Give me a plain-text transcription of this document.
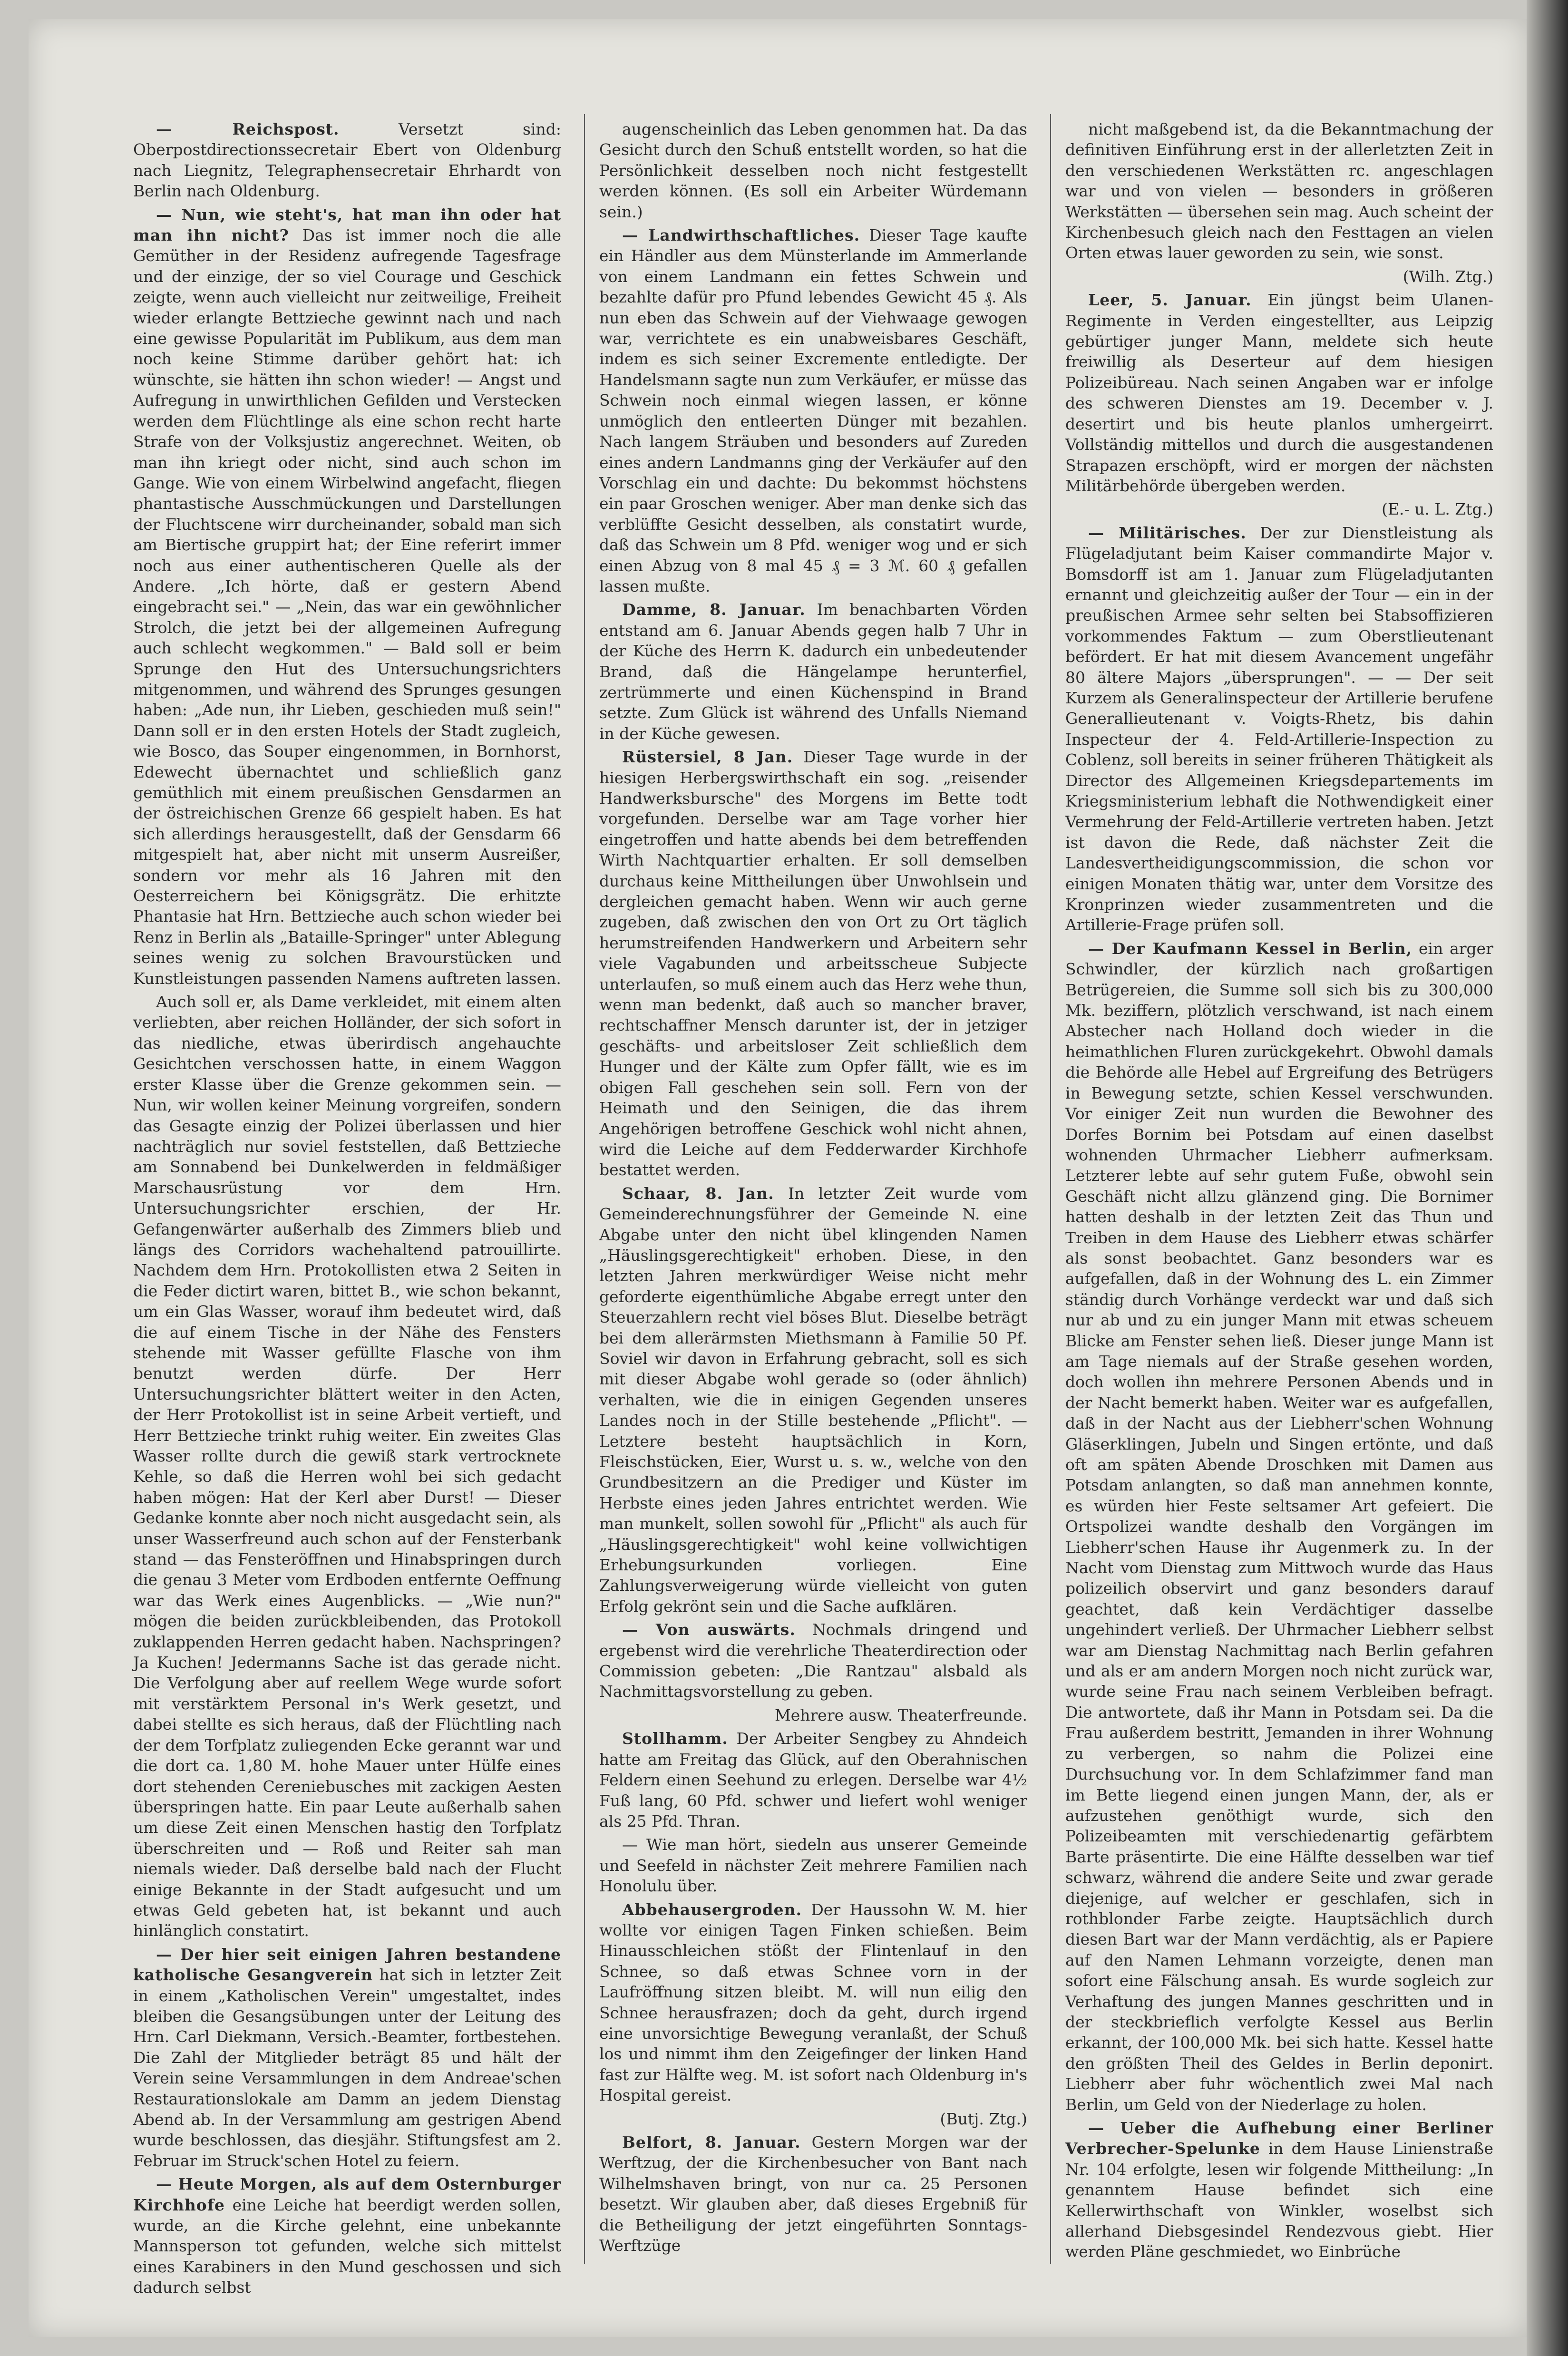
— Reichspost.	Versetzt sind: Oberpostdirectionssecretair Ebert von Oldenburg nach Liegnitz, Telegraphensecretair Ehrhardt von Berlin nach Oldenburg.

— Nun, wie steht's, hat man ihn oder hat man ihn nicht? Das ist immer noch die alle Gemüther in der Residenz aufregende Tagesfrage und der einzige, der so viel Courage und Geschick zeigte, wenn auch vielleicht nur zeitweilige, Freiheit wieder erlangte Bettzieche gewinnt nach und nach eine gewisse Popularität im Publikum, aus dem man noch keine Stimme darüber gehört hat: ich wünschte, sie hätten ihn schon wieder! — Angst und Aufregung in unwirthlichen Gefilden und Verstecken werden dem Flüchtlinge als eine schon recht harte Strafe von der Volksjustiz angerechnet. Weiten, ob man ihn kriegt oder nicht, sind auch schon im Gange. Wie von einem Wirbelwind angefacht, fliegen phantastische Ausschmückungen und Darstellungen der Fluchtscene wirr durcheinander, sobald man sich am Biertische gruppirt hat; der Eine referirt immer noch aus einer authentischeren Quelle als der Andere. „Ich hörte, daß er gestern Abend eingebracht sei." — „Nein, das war ein gewöhnlicher Strolch, die jetzt bei der allgemeinen Aufregung auch schlecht wegkommen." — Bald soll er beim Sprunge den Hut des Untersuchungsrichters mitgenommen, und während des Sprunges gesungen haben: „Ade nun, ihr Lieben, geschieden muß sein!" Dann soll er in den ersten Hotels der Stadt zugleich, wie Bosco, das Souper eingenommen, in Bornhorst, Edewecht übernachtet und schließlich ganz gemüthlich mit einem preußischen Gensdarmen an der östreichischen Grenze 66 gespielt haben. Es hat sich allerdings herausgestellt, daß der Gensdarm 66 mitgespielt hat, aber nicht mit unserm Ausreißer, sondern vor mehr als 16 Jahren mit den Oesterreichern bei Königsgrätz. Die erhitzte Phantasie hat Hrn. Bettzieche auch schon wieder bei Renz in Berlin als „Bataille-Springer" unter Ablegung seines wenig zu solchen Bravourstücken und Kunstleistungen passenden Namens auftreten lassen.

Auch soll er, als Dame verkleidet, mit einem alten verliebten, aber reichen Holländer, der sich sofort in das niedliche, etwas überirdisch angehauchte Gesichtchen verschossen hatte, in einem Waggon erster Klasse über die Grenze gekommen sein. — Nun, wir wollen keiner Meinung vorgreifen, sondern das Gesagte einzig der Polizei überlassen und hier nachträglich nur soviel feststellen, daß Bettzieche am Sonnabend bei Dunkelwerden in feldmäßiger Marschausrüstung vor dem Hrn. Untersuchungsrichter erschien, der Hr. Gefangenwärter außerhalb des Zimmers blieb und längs des Corridors wachehaltend patrouillirte. Nachdem dem Hrn. Protokollisten etwa 2 Seiten in die Feder dictirt waren, bittet B., wie schon bekannt, um ein Glas Wasser, worauf ihm bedeutet wird, daß die auf einem Tische in der Nähe des Fensters stehende mit Wasser gefüllte Flasche von ihm benutzt werden dürfe. Der Herr Untersuchungsrichter blättert weiter in den Acten, der Herr Protokollist ist in seine Arbeit vertieft, und Herr Bettzieche trinkt ruhig weiter. Ein zweites Glas Wasser rollte durch die gewiß stark vertrocknete Kehle, so daß die Herren wohl bei sich gedacht haben mögen: Hat der Kerl aber Durst! — Dieser Gedanke konnte aber noch nicht ausgedacht sein, als unser Wasserfreund auch schon auf der Fensterbank stand — das Fensteröffnen und Hinabspringen durch die genau 3 Meter vom Erdboden entfernte Oeffnung war das Werk eines Augenblicks. — „Wie nun?" mögen die beiden zurückbleibenden, das Protokoll zuklappenden Herren gedacht haben. Nachspringen? Ja Kuchen! Jedermanns Sache ist das gerade nicht. Die Verfolgung aber auf reellem Wege wurde sofort mit verstärktem Personal in's Werk gesetzt, und dabei stellte es sich heraus, daß der Flüchtling nach der dem Torfplatz zuliegenden Ecke gerannt war und die dort ca. 1,80 M. hohe Mauer unter Hülfe eines dort stehenden Cereniebusches mit zackigen Aesten überspringen hatte. Ein paar Leute außerhalb sahen um diese Zeit einen Menschen hastig den Torfplatz überschreiten und — Roß und Reiter sah man niemals wieder. Daß derselbe bald nach der Flucht einige Bekannte in der Stadt aufgesucht und um etwas Geld gebeten hat, ist bekannt und auch hinlänglich constatirt.

— Der hier seit einigen Jahren bestandene katholische Gesangverein hat sich in letzter Zeit in einem „Katholischen Verein" umgestaltet, indes bleiben die Gesangsübungen unter der Leitung des Hrn. Carl Diekmann, Versich.-Beamter, fortbestehen. Die Zahl der Mitglieder beträgt 85 und hält der Verein seine Versammlungen in dem Andreae'schen Restaurationslokale am Damm an jedem Dienstag Abend ab. In der Versammlung am gestrigen Abend wurde beschlossen, das diesjähr. Stiftungsfest am 2. Februar im Struck'schen Hotel zu feiern.

— Heute Morgen, als auf dem Osternburger Kirchhofe eine Leiche hat beerdigt werden sollen, wurde, an die Kirche gelehnt, eine unbekannte Mannsperson tot gefunden, welche sich mittelst eines Karabiners in den Mund geschossen und sich dadurch selbst

augenscheinlich das Leben genommen hat. Da das Gesicht durch den Schuß entstellt worden, so hat die Persönlichkeit desselben noch nicht festgestellt werden können. (Es soll ein Arbeiter Würdemann sein.)

— Landwirthschaftliches. Dieser Tage kaufte ein Händler aus dem Münsterlande im Ammerlande von einem Landmann ein fettes Schwein und bezahlte dafür pro Pfund lebendes Gewicht 45 ₰. Als nun eben das Schwein auf der Viehwaage gewogen war, verrichtete es ein unabweisbares Geschäft, indem es sich seiner Excremente entledigte. Der Handelsmann sagte nun zum Verkäufer, er müsse das Schwein noch einmal wiegen lassen, er könne unmöglich den entleerten Dünger mit bezahlen. Nach langem Sträuben und besonders auf Zureden eines andern Landmanns ging der Verkäufer auf den Vorschlag ein und dachte: Du bekommst höchstens ein paar Groschen weniger. Aber man denke sich das verblüffte Gesicht desselben, als constatirt wurde, daß das Schwein um 8 Pfd. weniger wog und er sich einen Abzug von 8 mal 45 ₰ = 3 ℳ. 60 ₰ gefallen lassen mußte.

Damme, 8. Januar. Im benachbarten Vörden entstand am 6. Januar Abends gegen halb 7 Uhr in der Küche des Herrn K. dadurch ein unbedeutender Brand, daß die Hängelampe herunterfiel, zertrümmerte und einen Küchenspind in Brand setzte. Zum Glück ist während des Unfalls Niemand in der Küche gewesen.

Rüstersiel, 8 Jan. Dieser Tage wurde in der hiesigen Herbergswirthschaft ein sog. „reisender Handwerksbursche" des Morgens im Bette todt vorgefunden. Derselbe war am Tage vorher hier eingetroffen und hatte abends bei dem betreffenden Wirth Nachtquartier erhalten. Er soll demselben durchaus keine Mittheilungen über Unwohlsein und dergleichen gemacht haben. Wenn wir auch gerne zugeben, daß zwischen den von Ort zu Ort täglich herumstreifenden Handwerkern und Arbeitern sehr viele Vagabunden und arbeitsscheue Subjecte unterlaufen, so muß einem auch das Herz wehe thun, wenn man bedenkt, daß auch so mancher braver, rechtschaffner Mensch darunter ist, der in jetziger geschäfts- und arbeitsloser Zeit schließlich dem Hunger und der Kälte zum Opfer fällt, wie es im obigen Fall geschehen sein soll. Fern von der Heimath und den Seinigen, die das ihrem Angehörigen betroffene Geschick wohl nicht ahnen, wird die Leiche auf dem Fedderwarder Kirchhofe bestattet werden.

Schaar, 8. Jan. In letzter Zeit wurde vom Gemeinderechnungsführer der Gemeinde N. eine Abgabe unter den nicht übel klingenden Namen „Häuslingsgerechtigkeit" erhoben. Diese, in den letzten Jahren merkwürdiger Weise nicht mehr geforderte eigenthümliche Abgabe erregt unter den Steuerzahlern recht viel böses Blut. Dieselbe beträgt bei dem allerärmsten Miethsmann à Familie 50 Pf. Soviel wir davon in Erfahrung gebracht, soll es sich mit dieser Abgabe wohl gerade so (oder ähnlich) verhalten, wie die in einigen Gegenden unseres Landes noch in der Stille bestehende „Pflicht". — Letztere besteht hauptsächlich in Korn, Fleischstücken, Eier, Wurst u. s. w., welche von den Grundbesitzern an die Prediger und Küster im Herbste eines jeden Jahres entrichtet werden. Wie man munkelt, sollen sowohl für „Pflicht" als auch für „Häuslingsgerechtigkeit" wohl keine vollwichtigen Erhebungsurkunden vorliegen. Eine Zahlungsverweigerung würde vielleicht von guten Erfolg gekrönt sein und die Sache aufklären.

— Von auswärts. Nochmals dringend und ergebenst wird die verehrliche Theaterdirection oder Commission gebeten: „Die Rantzau" alsbald als Nachmittagsvorstellung zu geben.

Mehrere ausw. Theaterfreunde.

Stollhamm. Der Arbeiter Sengbey zu Ahndeich hatte am Freitag das Glück, auf den Oberahnischen Feldern einen Seehund zu erlegen. Derselbe war 4½ Fuß lang, 60 Pfd. schwer und liefert wohl weniger als 25 Pfd. Thran.

— Wie man hört, siedeln aus unserer Gemeinde und Seefeld in nächster Zeit mehrere Familien nach Honolulu über.

Abbehausergroden. Der Haussohn W. M. hier wollte vor einigen Tagen Finken schießen. Beim Hinausschleichen stößt der Flintenlauf in den Schnee, so daß etwas Schnee vorn in der Laufröffnung sitzen bleibt. M. will nun eilig den Schnee herausfrazen; doch da geht, durch irgend eine unvorsichtige Bewegung veranlaßt, der Schuß los und nimmt ihm den Zeigefinger der linken Hand fast zur Hälfte weg. M. ist sofort nach Oldenburg in's Hospital gereist.

(Butj. Ztg.)

Belfort, 8. Januar. Gestern Morgen war der Werftzug, der die Kirchenbesucher von Bant nach Wilhelmshaven bringt, von nur ca. 25 Personen besetzt. Wir glauben aber, daß dieses Ergebniß für die Betheiligung der jetzt eingeführten Sonntags-Werftzüge

nicht maßgebend ist, da die Bekanntmachung der definitiven Einführung erst in der allerletzten Zeit in den verschiedenen Werkstätten rc. angeschlagen war und von vielen — besonders in größeren Werkstätten — übersehen sein mag. Auch scheint der Kirchenbesuch gleich nach den Festtagen an vielen Orten etwas lauer geworden zu sein, wie sonst.

(Wilh. Ztg.)

Leer, 5. Januar. Ein jüngst beim Ulanen-Regimente in Verden eingestellter, aus Leipzig gebürtiger junger Mann, meldete sich heute freiwillig als Deserteur auf dem hiesigen Polizeibüreau. Nach seinen Angaben war er infolge des schweren Dienstes am 19. December v. J. desertirt und bis heute planlos umhergeirrt. Vollständig mittellos und durch die ausgestandenen Strapazen erschöpft, wird er morgen der nächsten Militärbehörde übergeben werden.

(E.- u. L. Ztg.)

— Militärisches. Der zur Dienstleistung als Flügeladjutant beim Kaiser commandirte Major v. Bomsdorff ist am 1. Januar zum Flügeladjutanten ernannt und gleichzeitig außer der Tour — ein in der preußischen Armee sehr selten bei Stabsoffizieren vorkommendes Faktum — zum Oberstlieutenant befördert. Er hat mit diesem Avancement ungefähr 80 ältere Majors „übersprungen". — — Der seit Kurzem als Generalinspecteur der Artillerie berufene Generallieutenant v. Voigts-Rhetz, bis dahin Inspecteur der 4. Feld-Artillerie-Inspection zu Coblenz, soll bereits in seiner früheren Thätigkeit als Director des Allgemeinen Kriegsdepartements im Kriegsministerium lebhaft die Nothwendigkeit einer Vermehrung der Feld-Artillerie vertreten haben. Jetzt ist davon die Rede, daß nächster Zeit die Landesvertheidigungscommission, die schon vor einigen Monaten thätig war, unter dem Vorsitze des Kronprinzen wieder zusammentreten und die Artillerie-Frage prüfen soll.

— Der Kaufmann Kessel in Berlin, ein arger Schwindler, der kürzlich nach großartigen Betrügereien, die Summe soll sich bis zu 300,000 Mk. beziffern, plötzlich verschwand, ist nach einem Abstecher nach Holland doch wieder in die heimathlichen Fluren zurückgekehrt. Obwohl damals die Behörde alle Hebel auf Ergreifung des Betrügers in Bewegung setzte, schien Kessel verschwunden. Vor einiger Zeit nun wurden die Bewohner des Dorfes Bornim bei Potsdam auf einen daselbst wohnenden Uhrmacher Liebherr aufmerksam. Letzterer lebte auf sehr gutem Fuße, obwohl sein Geschäft nicht allzu glänzend ging. Die Bornimer hatten deshalb in der letzten Zeit das Thun und Treiben in dem Hause des Liebherr etwas schärfer als sonst beobachtet. Ganz besonders war es aufgefallen, daß in der Wohnung des L. ein Zimmer ständig durch Vorhänge verdeckt war und daß sich nur ab und zu ein junger Mann mit etwas scheuem Blicke am Fenster sehen ließ. Dieser junge Mann ist am Tage niemals auf der Straße gesehen worden, doch wollen ihn mehrere Personen Abends und in der Nacht bemerkt haben. Weiter war es aufgefallen, daß in der Nacht aus der Liebherr'schen Wohnung Gläserklingen, Jubeln und Singen ertönte, und daß oft am späten Abende Droschken mit Damen aus Potsdam anlangten, so daß man annehmen konnte, es würden hier Feste seltsamer Art gefeiert. Die Ortspolizei wandte deshalb den Vorgängen im Liebherr'schen Hause ihr Augenmerk zu. In der Nacht vom Dienstag zum Mittwoch wurde das Haus polizeilich observirt und ganz besonders darauf geachtet, daß kein Verdächtiger dasselbe ungehindert verließ. Der Uhrmacher Liebherr selbst war am Dienstag Nachmittag nach Berlin gefahren und als er am andern Morgen noch nicht zurück war, wurde seine Frau nach seinem Verbleiben befragt. Die antwortete, daß ihr Mann in Potsdam sei. Da die Frau außerdem bestritt, Jemanden in ihrer Wohnung zu verbergen, so nahm die Polizei eine Durchsuchung vor. In dem Schlafzimmer fand man im Bette liegend einen jungen Mann, der, als er aufzustehen genöthigt wurde, sich den Polizeibeamten mit verschiedenartig gefärbtem Barte präsentirte. Die eine Hälfte desselben war tief schwarz, während die andere Seite und zwar gerade diejenige, auf welcher er geschlafen, sich in rothblonder Farbe zeigte. Hauptsächlich durch diesen Bart war der Mann verdächtig, als er Papiere auf den Namen Lehmann vorzeigte, denen man sofort eine Fälschung ansah. Es wurde sogleich zur Verhaftung des jungen Mannes geschritten und in der steckbrieflich verfolgte Kessel aus Berlin erkannt, der 100,000 Mk. bei sich hatte. Kessel hatte den größten Theil des Geldes in Berlin deponirt. Liebherr aber fuhr wöchentlich zwei Mal nach Berlin, um Geld von der Niederlage zu holen.

— Ueber die Aufhebung einer Berliner Verbrecher-Spelunke in dem Hause Linienstraße Nr. 104 erfolgte, lesen wir folgende Mittheilung: „In genanntem Hause befindet sich eine Kellerwirthschaft von Winkler, woselbst sich allerhand Diebsgesindel Rendezvous giebt. Hier werden Pläne geschmiedet, wo Einbrüche
